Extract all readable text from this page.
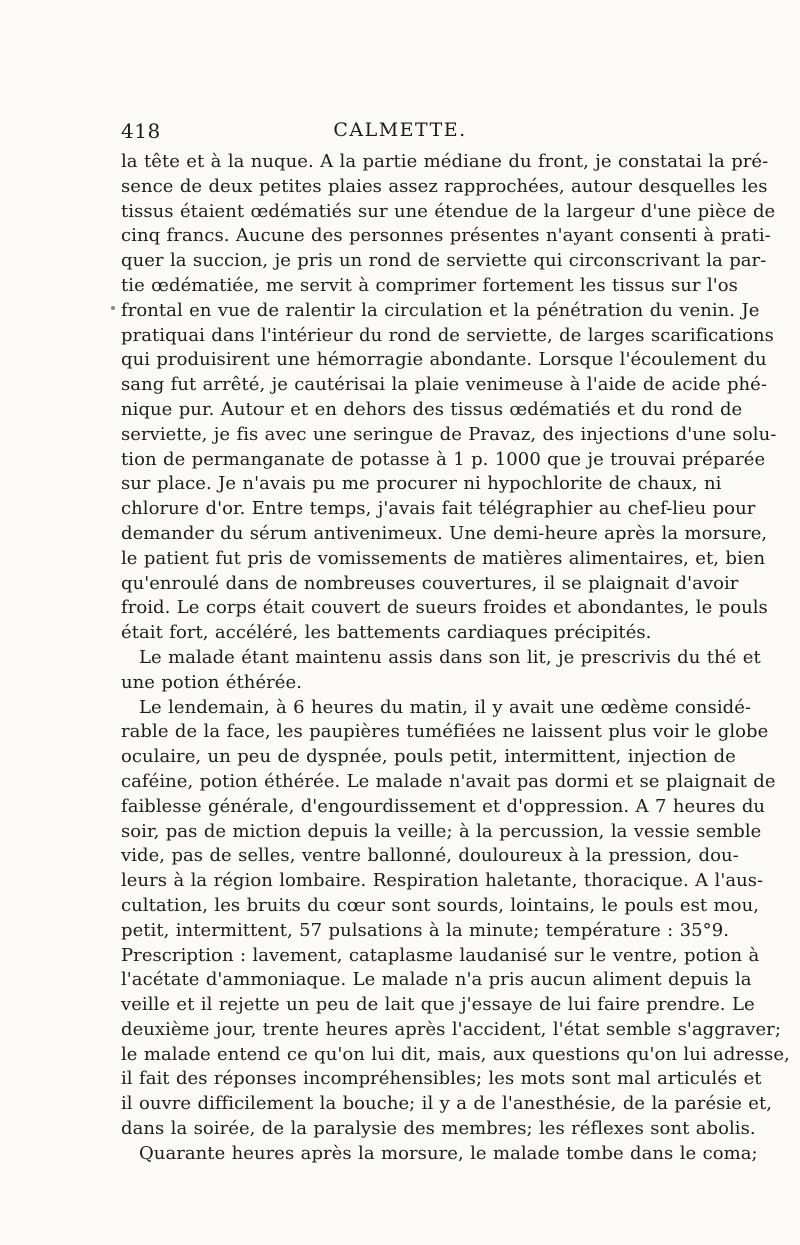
418	CALMETTE.
la tête et à la nuque. A la partie médiane du front, je constatai la pré-
sence de deux petites plaies assez rapprochées, autour desquelles les
tissus étaient œdématiés sur une étendue de la largeur d'une pièce de
cinq francs. Aucune des personnes présentes n'ayant consenti à prati-
quer la succion, je pris un rond de serviette qui circonscrivant la par-
tie œdématiée, me servit à comprimer fortement les tissus sur l'os
frontal en vue de ralentir la circulation et la pénétration du venin. Je
pratiquai dans l'intérieur du rond de serviette, de larges scarifications
qui produisirent une hémorragie abondante. Lorsque l'écoulement du
sang fut arrêté, je cautérisai la plaie venimeuse à l'aide de acide phé-
nique pur. Autour et en dehors des tissus œdématiés et du rond de
serviette, je fis avec une seringue de Pravaz, des injections d'une solu-
tion de permanganate de potasse à 1 p. 1000 que je trouvai préparée
sur place. Je n'avais pu me procurer ni hypochlorite de chaux, ni
chlorure d'or. Entre temps, j'avais fait télégraphier au chef-lieu pour
demander du sérum antivenimeux. Une demi-heure après la morsure,
le patient fut pris de vomissements de matières alimentaires, et, bien
qu'enroulé dans de nombreuses couvertures, il se plaignait d'avoir
froid. Le corps était couvert de sueurs froides et abondantes, le pouls
était fort, accéléré, les battements cardiaques précipités.
Le malade étant maintenu assis dans son lit, je prescrivis du thé et
une potion éthérée.
Le lendemain, à 6 heures du matin, il y avait une œdème considé-
rable de la face, les paupières tuméfiées ne laissent plus voir le globe
oculaire, un peu de dyspnée, pouls petit, intermittent, injection de
caféine, potion éthérée. Le malade n'avait pas dormi et se plaignait de
faiblesse générale, d'engourdissement et d'oppression. A 7 heures du
soir, pas de miction depuis la veille; à la percussion, la vessie semble
vide, pas de selles, ventre ballonné, douloureux à la pression, dou-
leurs à la région lombaire. Respiration haletante, thoracique. A l'aus-
cultation, les bruits du cœur sont sourds, lointains, le pouls est mou,
petit, intermittent, 57 pulsations à la minute; température : 35°9.
Prescription : lavement, cataplasme laudanisé sur le ventre, potion à
l'acétate d'ammoniaque. Le malade n'a pris aucun aliment depuis la
veille et il rejette un peu de lait que j'essaye de lui faire prendre. Le
deuxième jour, trente heures après l'accident, l'état semble s'aggraver;
le malade entend ce qu'on lui dit, mais, aux questions qu'on lui adresse,
il fait des réponses incompréhensibles; les mots sont mal articulés et
il ouvre difficilement la bouche; il y a de l'anesthésie, de la parésie et,
dans la soirée, de la paralysie des membres; les réflexes sont abolis.
Quarante heures après la morsure, le malade tombe dans le coma;
